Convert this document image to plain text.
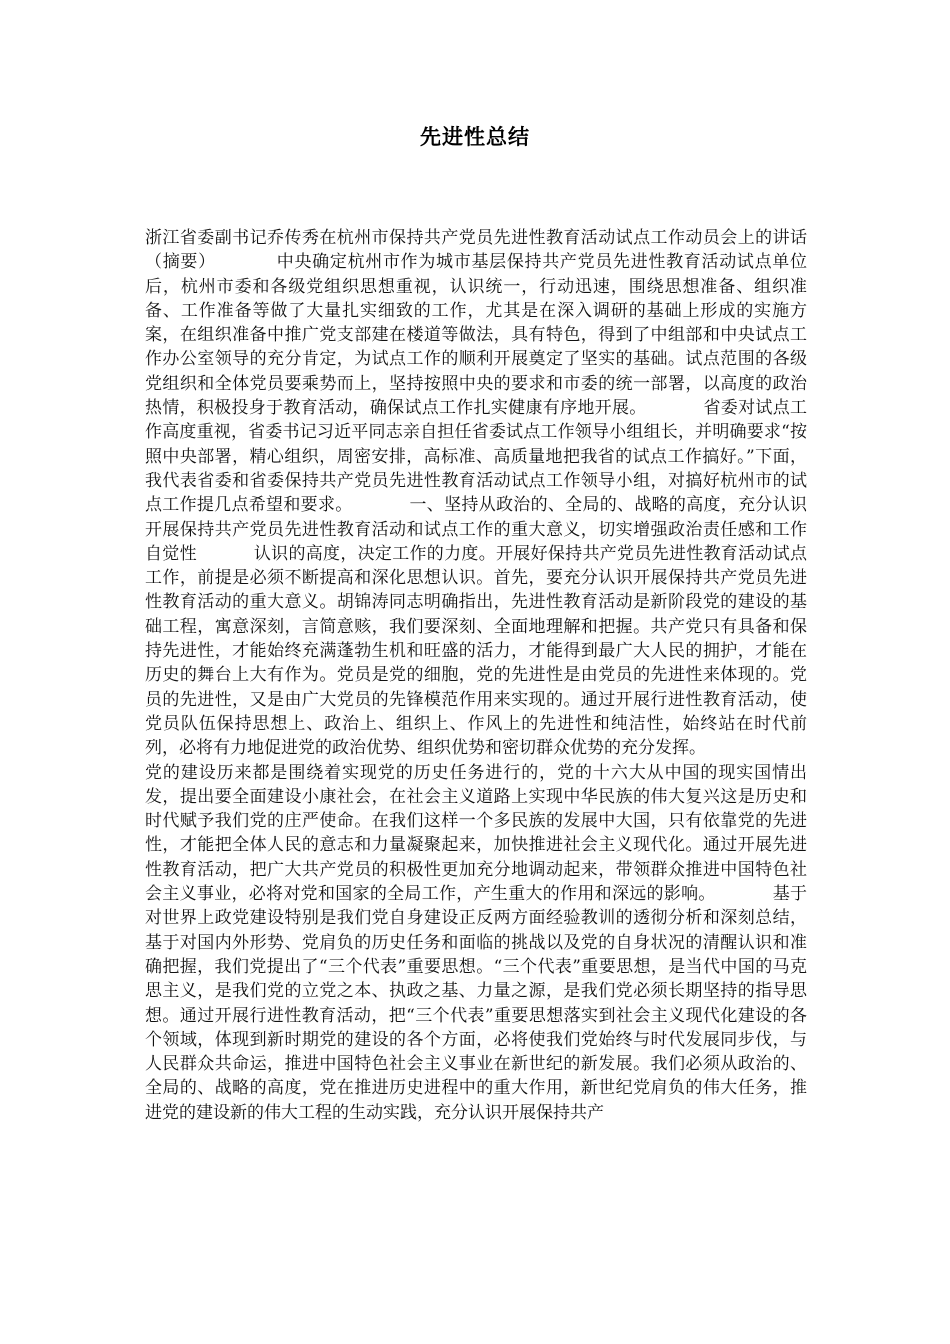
先进性总结

浙江省委副书记乔传秀在杭州市保持共产党员先进性教育活动试点工作动员会上的讲话（摘要）          中央确定杭州市作为城市基层保持共产党员先进性教育活动试点单位后，杭州市委和各级党组织思想重视，认识统一，行动迅速，围绕思想准备、组织准备、工作准备等做了大量扎实细致的工作，尤其是在深入调研的基础上形成的实施方案，在组织准备中推广党支部建在楼道等做法，具有特色，得到了中组部和中央试点工作办公室领导的充分肯定，为试点工作的顺利开展奠定了坚实的基础。试点范围的各级党组织和全体党员要乘势而上，坚持按照中央的要求和市委的统一部署，以高度的政治热情，积极投身于教育活动，确保试点工作扎实健康有序地开展。          省委对试点工作高度重视，省委书记习近平同志亲自担任省委试点工作领导小组组长，并明确要求“按照中央部署，精心组织，周密安排，高标准、高质量地把我省的试点工作搞好。”下面，我代表省委和省委保持共产党员先进性教育活动试点工作领导小组，对搞好杭州市的试点工作提几点希望和要求。          一、坚持从政治的、全局的、战略的高度，充分认识开展保持共产党员先进性教育活动和试点工作的重大意义，切实增强政治责任感和工作自觉性          认识的高度，决定工作的力度。开展好保持共产党员先进性教育活动试点工作，前提是必须不断提高和深化思想认识。首先，要充分认识开展保持共产党员先进性教育活动的重大意义。胡锦涛同志明确指出，先进性教育活动是新阶段党的建设的基础工程，寓意深刻，言简意赅，我们要深刻、全面地理解和把握。共产党只有具备和保持先进性，才能始终充满蓬勃生机和旺盛的活力，才能得到最广大人民的拥护，才能在历史的舞台上大有作为。党员是党的细胞，党的先进性是由党员的先进性来体现的。党员的先进性，又是由广大党员的先锋模范作用来实现的。通过开展行进性教育活动，使党员队伍保持思想上、政治上、组织上、作风上的先进性和纯洁性，始终站在时代前列，必将有力地促进党的政治优势、组织优势和密切群众优势的充分发挥。

党的建设历来都是围绕着实现党的历史任务进行的，党的十六大从中国的现实国情出发，提出要全面建设小康社会，在社会主义道路上实现中华民族的伟大复兴这是历史和时代赋予我们党的庄严使命。在我们这样一个多民族的发展中大国，只有依靠党的先进性，才能把全体人民的意志和力量凝聚起来，加快推进社会主义现代化。通过开展先进性教育活动，把广大共产党员的积极性更加充分地调动起来，带领群众推进中国特色社会主义事业，必将对党和国家的全局工作，产生重大的作用和深远的影响。          基于对世界上政党建设特别是我们党自身建设正反两方面经验教训的透彻分析和深刻总结，基于对国内外形势、党肩负的历史任务和面临的挑战以及党的自身状况的清醒认识和准确把握，我们党提出了“三个代表”重要思想。“三个代表”重要思想，是当代中国的马克思主义，是我们党的立党之本、执政之基、力量之源，是我们党必须长期坚持的指导思想。通过开展行进性教育活动，把“三个代表”重要思想落实到社会主义现代化建设的各个领域，体现到新时期党的建设的各个方面，必将使我们党始终与时代发展同步伐，与人民群众共命运，推进中国特色社会主义事业在新世纪的新发展。我们必须从政治的、全局的、战略的高度，党在推进历史进程中的重大作用，新世纪党肩负的伟大任务，推进党的建设新的伟大工程的生动实践，充分认识开展保持共产
